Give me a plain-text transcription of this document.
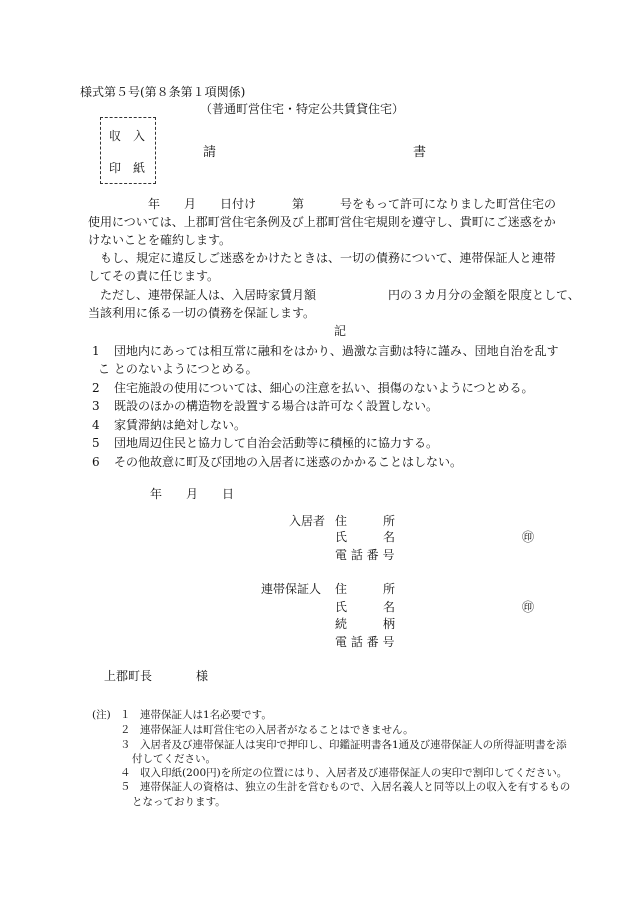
様式第５号(第８条第１項関係)
（普通町営住宅・特定公共賃貸住宅）
収　入
印　紙
請	書
年　　月　　日付け　　　第　　　号をもって許可になりました町営住宅の
使用については、上郡町営住宅条例及び上郡町営住宅規則を遵守し、貴町にご迷惑をか
けないことを確約します。
もし、規定に違反しご迷惑をかけたときは、一切の債務について、連帯保証人と連帯
してその責に任じます。
ただし、連帯保証人は、入居時家賃月額　　　　　　円の３カ月分の金額を限度として、
当該利用に係る一切の債務を保証します。
記
1 団地内にあっては相互常に融和をはかり、過激な言動は特に謹み、団地自治を乱す
こ とのないようにつとめる。
2 住宅施設の使用については、細心の注意を払い、損傷のないようにつとめる。
3 既設のほかの構造物を設置する場合は許可なく設置しない。
4 家賃滞納は絶対しない。
5 団地周辺住民と協力して自治会活動等に積極的に協力する。
6 その他故意に町及び団地の入居者に迷惑のかかることはしない。
年　　月　　日
入居者 住　　　所
氏　　　名	㊞
電 話 番 号
連帯保証人 住　　　所
氏　　　名	㊞
続　　　柄
電 話 番 号
上郡町長	様
(注) １ 連帯保証人は1名必要です。
２ 連帯保証人は町営住宅の入居者がなることはできません。
３ 入居者及び連帯保証人は実印で押印し、印鑑証明書各1通及び連帯保証人の所得証明書を添
付してください。
４ 収入印紙(200円)を所定の位置にはり、入居者及び連帯保証人の実印で割印してください。
５ 連帯保証人の資格は、独立の生計を営むもので、入居名義人と同等以上の収入を有するもの
となっております。
